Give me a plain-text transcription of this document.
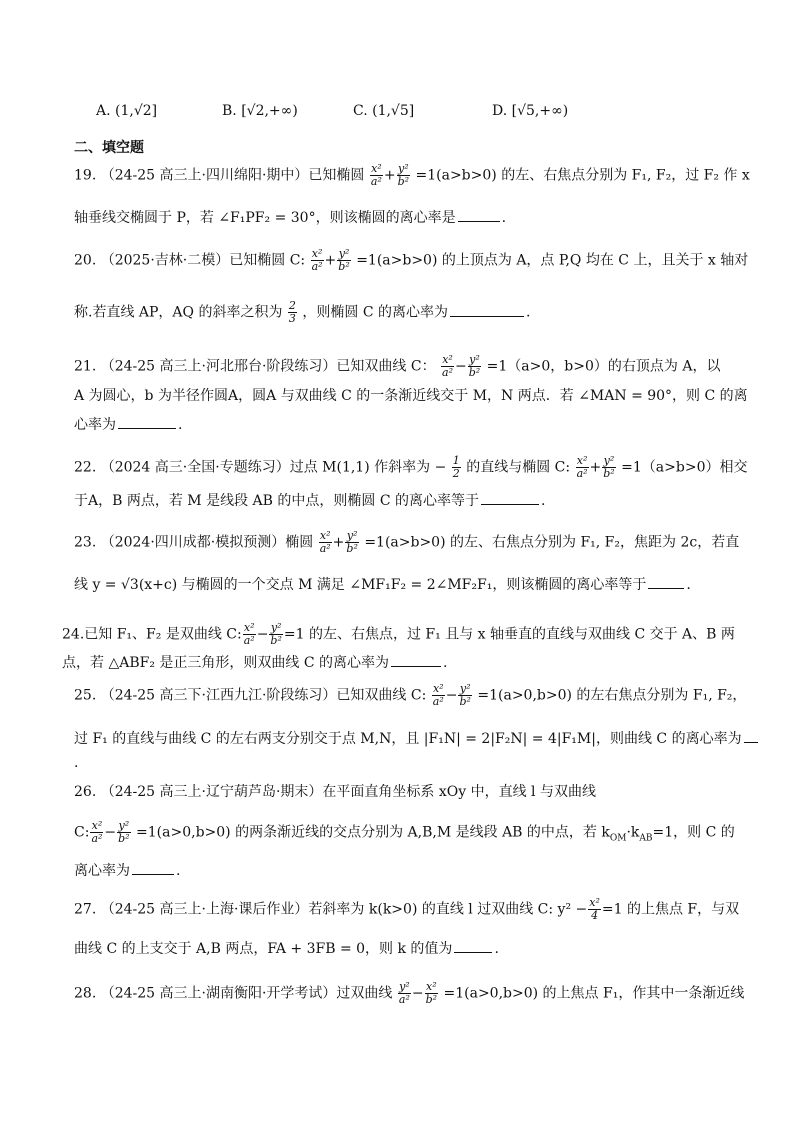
A. (1,√2]	B. [√2,+∞)	C. (1,√5]	D. [√5,+∞)
二、填空题
19. （24-25 高三上·四川绵阳·期中）已知椭圆 $\frac{\text{x²}}{\text{a²}} + \frac{\text{y²}}{\text{b²}} =1(a>b>0)$ 的左、右焦点分别为 F₁, F₂，过 F₂ 作 x
轴垂线交椭圆于 P，若 ∠F₁PF₂ = 30°，则该椭圆的离心率是	.
20. （2025·吉林·二模）已知椭圆 C: $\frac{\text{x²}}{\text{a²}} + \frac{\text{y²}}{\text{b²}} =1(a>b>0)$ 的上顶点为 A，点 P,Q 均在 C 上，且关于 x 轴对
称.若直线 AP，AQ 的斜率之积为 $\frac{2}{3}$ ，则椭圆 C 的离心率为	.
21. （24-25 高三上·河北邢台·阶段练习）已知双曲线 C： $\frac{\text{x²}}{\text{a²}} - \frac{\text{y²}}{\text{b²}} =1(a>0$，b>0）的右顶点为 A，以
A 为圆心，b 为半径作圆A，圆A 与双曲线 C 的一条渐近线交于 M，N 两点．若 ∠MAN = 90°，则 C 的离
心率为	.
22. （2024 高三·全国·专题练习）过点 M(1,1) 作斜率为 − $\frac{1}{2}$ 的直线与椭圆 C: $\frac{\text{x²}}{\text{a²}} + \frac{\text{y²}}{\text{b²}} =1(a>b>0)$相交
于A，B 两点，若 M 是线段 AB 的中点，则椭圆 C 的离心率等于	.
23. （2024·四川成都·模拟预测）椭圆 $\frac{\text{x²}}{\text{a²}} + \frac{\text{y²}}{\text{b²}} =1(a>b>0)$ 的左、右焦点分别为 F₁, F₂，焦距为 2c，若直
线 y = √3(x+c) 与椭圆的一个交点 M 满足 ∠MF₁F₂ = 2∠MF₂F₁，则该椭圆的离心率等于	.
24.已知 F₁、F₂ 是双曲线 C: $\frac{\text{x²}}{\text{a²}} - \frac{\text{y²}}{\text{b²}} =1$ 的左、右焦点，过 F₁ 且与 x 轴垂直的直线与双曲线 C 交于 A、B 两
点，若 △ABF₂ 是正三角形，则双曲线 C 的离心率为	.
25. （24-25 高三下·江西九江·阶段练习）已知双曲线 C: $\frac{\text{x²}}{\text{a²}} - \frac{\text{y²}}{\text{b²}} =1(a>0,b>0)$ 的左右焦点分别为 F₁, F₂，
过 F₁ 的直线与曲线 C 的左右两支分别交于点 M,N，且 |F₁N| = 2|F₂N| = 4|F₁M|，则曲线 C 的离心率为
.
26. （24-25 高三上·辽宁葫芦岛·期末）在平面直角坐标系 xOy 中，直线 l 与双曲线
C: $\frac{\text{x²}}{\text{a²}} - \frac{\text{y²}}{\text{b²}} =1(a>0,b>0)$ 的两条渐近线的交点分别为 A,B,M 是线段 AB 的中点，若 $k_{OM}\cdot k_{AB}=1$，则 C 的
离心率为	.
27. （24-25 高三上·上海·课后作业）若斜率为 k(k>0) 的直线 l 过双曲线 C: $y^2 - \frac{\text{x²}}{4} =1$ 的上焦点 F，与双
曲线 C 的上支交于 A,B 两点，FA + 3FB = 0，则 k 的值为	.
28. （24-25 高三上·湖南衡阳·开学考试）过双曲线 $\frac{\text{y²}}{\text{a²}} - \frac{\text{x²}}{\text{b²}} =1(a>0,b>0)$ 的上焦点 F₁，作其中一条渐近线
